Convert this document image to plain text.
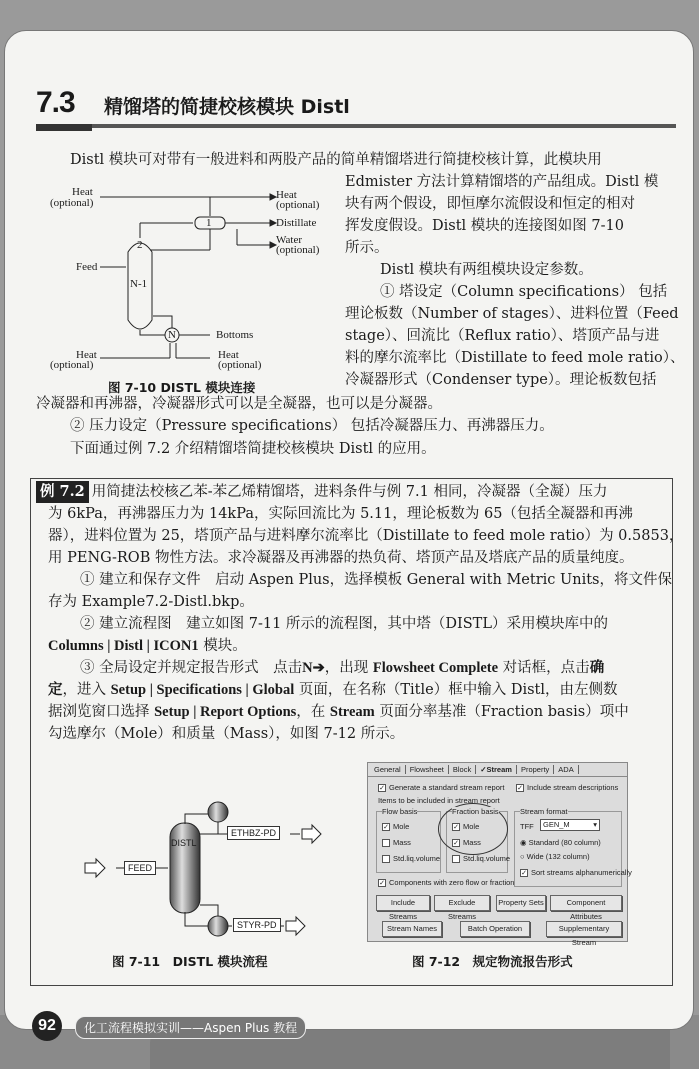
7.3 精馏塔的简捷校核模块 Distl
Distl 模块可对带有一般进料和两股产品的简单精馏塔进行简捷校核计算，此模块用
Edmister 方法计算精馏塔的产品组成。Distl 模
块有两个假设，即恒摩尔流假设和恒定的相对
挥发度假设。Distl 模块的连接图如图 7-10
所示。
Distl 模块有两组模块设定参数。
① 塔设定（Column specifications） 包括
理论板数（Number of stages）、进料位置（Feed
stage）、回流比（Reflux ratio）、塔顶产品与进
料的摩尔流率比（Distillate to feed mole ratio）、
冷凝器形式（Condenser type）。理论板数包括
冷凝器和再沸器，冷凝器形式可以是全凝器，也可以是分凝器。
② 压力设定（Pressure specifications） 包括冷凝器压力、再沸器压力。
下面通过例 7.2 介绍精馏塔简捷校核模块 Distl 的应用。
Heat
(optional)
Heat
(optional)
Distillate
Water
(optional)
Feed
1
2
N-1
N	Bottoms
Heat
(optional)
Heat
(optional)
图 7-10 DISTL 模块连接
例 7.2 用简捷法校核乙苯-苯乙烯精馏塔，进料条件与例 7.1 相同，冷凝器（全凝）压力
为 6kPa，再沸器压力为 14kPa，实际回流比为 5.11，理论板数为 65（包括全凝器和再沸
器），进料位置为 25，塔顶产品与进料摩尔流率比（Distillate to feed mole ratio）为 0.5853，
用 PENG-ROB 物性方法。求冷凝器及再沸器的热负荷、塔顶产品及塔底产品的质量纯度。
① 建立和保存文件　启动 Aspen Plus，选择模板 General with Metric Units，将文件保
存为 Example7.2-Distl.bkp。
② 建立流程图　建立如图 7-11 所示的流程图，其中塔（DISTL）采用模块库中的
Columns | Distl | ICON1 模块。
③ 全局设定并规定报告形式　点击N➔，出现 Flowsheet Complete 对话框，点击确
定，进入 Setup | Specifications | Global 页面，在名称（Title）框中输入 Distl，由左侧数
据浏览窗口选择 Setup | Report Options，在 Stream 页面分率基准（Fraction basis）项中
勾选摩尔（Mole）和质量（Mass），如图 7-12 所示。
FEED
ETHBZ-PD
STYR-PD
DISTL
图 7-11　DISTL 模块流程
General	Flowsheet	Block	✓Stream	Property	ADA
✓ Generate a standard stream report ✓ Include stream descriptions
Items to be included in stream report
Flow basis
✓ Mole
Mass
Std.liq.volume
Fraction basis
✓ Mole
✓ Mass
Std.liq.volume
Stream format
TFF	GEN_M	▾
◉ Standard (80 column)
○ Wide (132 column)
✓ Sort streams alphanumerically
✓ Components with zero flow or fraction
Include Streams
Exclude Streams
Property Sets	Component Attributes
Stream Names	Batch Operation	Supplementary Stream
图 7-12　规定物流报告形式
92	化工流程模拟实训——Aspen Plus 教程
